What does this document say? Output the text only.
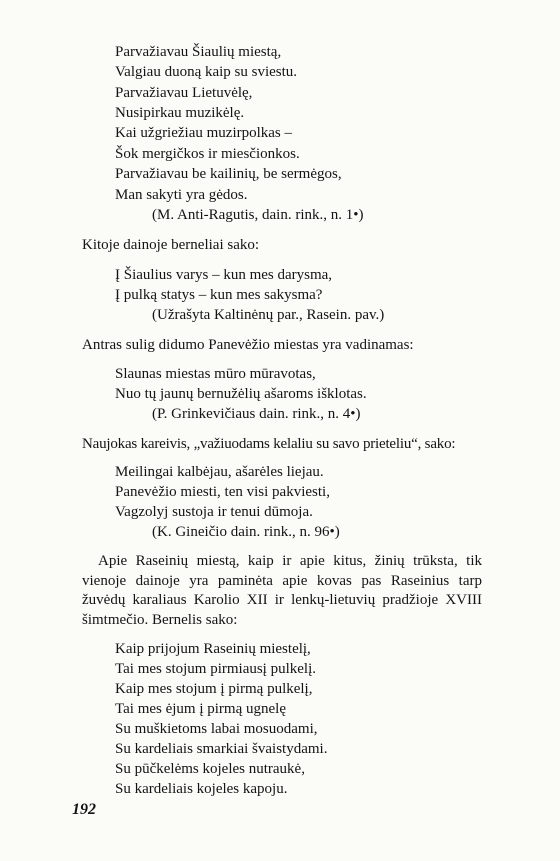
Parvažiavau Šiaulių miestą,
Valgiau duoną kaip su sviestu.
Parvažiavau Lietuvėlę,
Nusipirkau muzikėlę.
Kai užgriežiau muzirpolkas –
Šok mergičkos ir miesčionkos.
Parvažiavau be kailinių, be sermėgos,
Man sakyti yra gėdos.
(M. Anti-Ragutis, dain. rink., n. 1•)
Kitoje dainoje berneliai sako:
Į Šiaulius varys – kun mes darysma,
Į pulką statys – kun mes sakysma?
(Užrašyta Kaltinėnų par., Rasein. pav.)
Antras sulig didumo Panevėžio miestas yra vadinamas:
Slaunas miestas mūro mūravotas,
Nuo tų jaunų bernužėlių ašaroms išklotas.
(P. Grinkevičiaus dain. rink., n. 4•)
Naujokas kareivis, „važiuodams kelaliu su savo prieteliu“, sako:
Meilingai kalbėjau, ašarėles liejau.
Panevėžio miesti, ten visi pakviesti,
Vagzolyj sustoja ir tenui dūmoja.
(K. Gineičio dain. rink., n. 96•)
Apie Raseinių miestą, kaip ir apie kitus, žinių trūksta, tik vienoje dainoje yra paminėta apie kovas pas Raseinius tarp žuvėdų karaliaus Karolio XII ir lenkų-lietuvių pradžioje XVIII šimtmečio. Bernelis sako:
Kaip prijojum Raseinių miestelį,
Tai mes stojum pirmiausį pulkelį.
Kaip mes stojum į pirmą pulkelį,
Tai mes ėjum į pirmą ugnelę
Su muškietoms labai mosuodami,
Su kardeliais smarkiai švaistydami.
Su pūčkelėms kojeles nutraukė,
Su kardeliais kojeles kapoju.
192
